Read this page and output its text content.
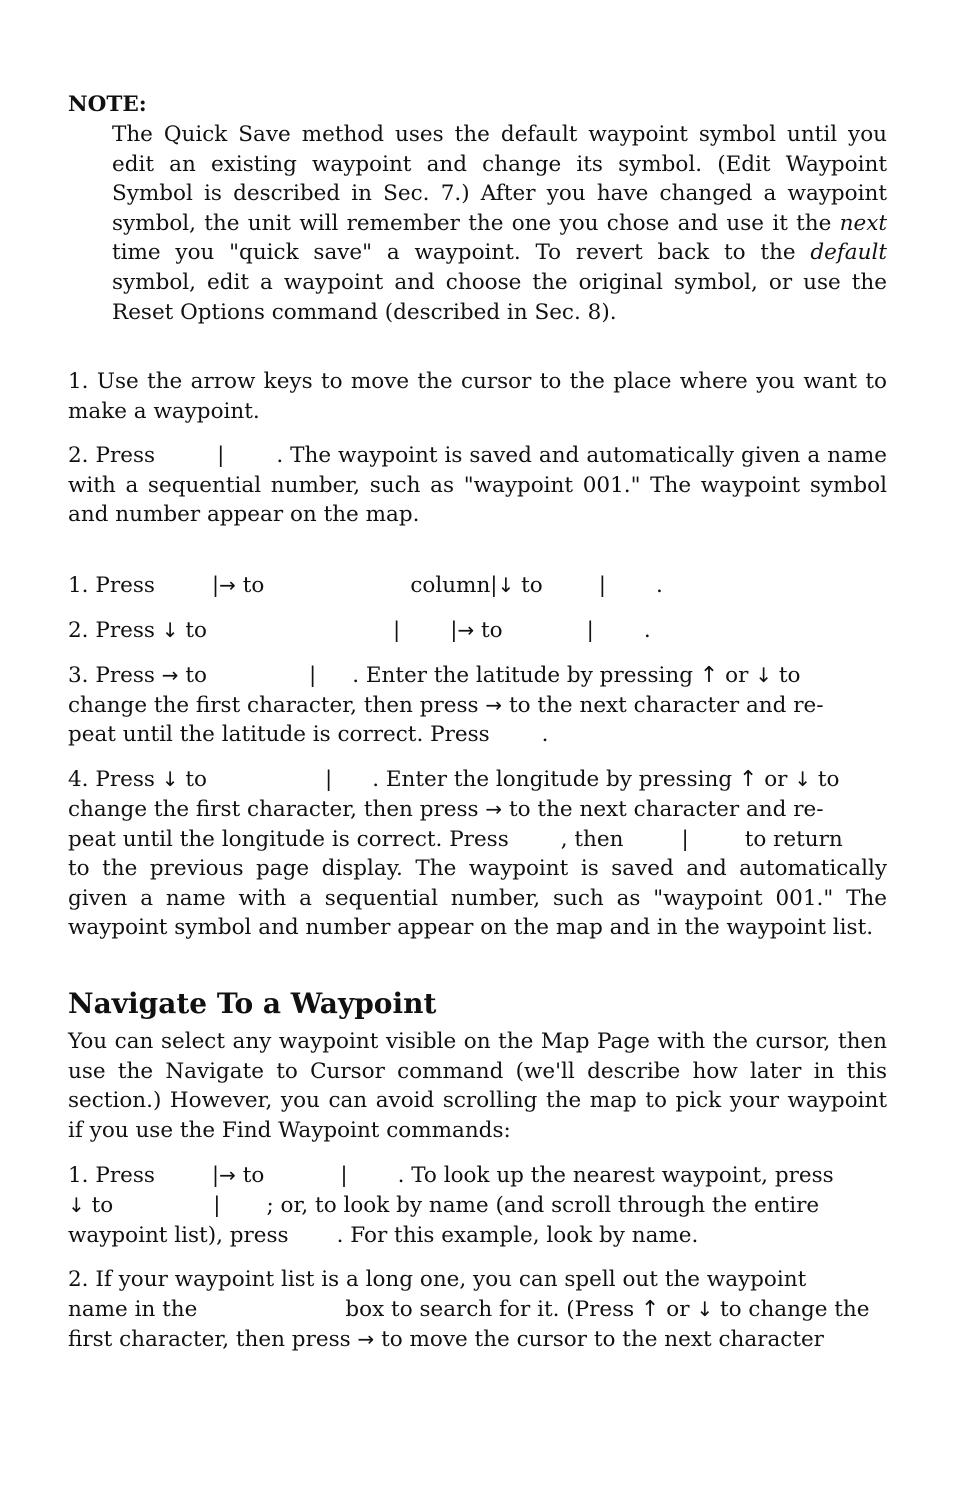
NOTE:

The Quick Save method uses the default waypoint symbol until you edit an existing waypoint and change its symbol. (Edit Waypoint Symbol is described in Sec. 7.) After you have changed a waypoint symbol, the unit will remember the one you chose and use it the next time you "quick save" a waypoint. To revert back to the default symbol, edit a waypoint and choose the original symbol, or use the Reset Options command (described in Sec. 8).

1. Use the arrow keys to move the cursor to the place where you want to make a waypoint.

2. Press	| . The waypoint is saved and automatically given a name with a sequential number, such as "waypoint 001." The waypoint symbol and number appear on the map.

1. Press	|→ to	column|↓ to	| .
2. Press ↓ to	| |→ to	| .
3. Press → to	| . Enter the latitude by pressing ↑ or ↓ to
change the first character, then press → to the next character and re-
peat until the latitude is correct. Press .
4. Press ↓ to	| . Enter the longitude by pressing ↑ or ↓ to
change the first character, then press → to the next character and re-
peat until the longitude is correct. Press , then	|	to return

to the previous page display. The waypoint is saved and automatically given a name with a sequential number, such as "waypoint 001." The waypoint symbol and number appear on the map and in the waypoint list.

Navigate To a Waypoint

You can select any waypoint visible on the Map Page with the cursor, then use the Navigate to Cursor command (we'll describe how later in this section.) However, you can avoid scrolling the map to pick your waypoint if you use the Find Waypoint commands:

1. Press	|→ to	| . To look up the nearest waypoint, press
↓ to	| ; or, to look by name (and scroll through the entire
waypoint list), press . For this example, look by name.
2. If your waypoint list is a long one, you can spell out the waypoint
name in the	box to search for it. (Press ↑ or ↓ to change the
first character, then press → to move the cursor to the next character
